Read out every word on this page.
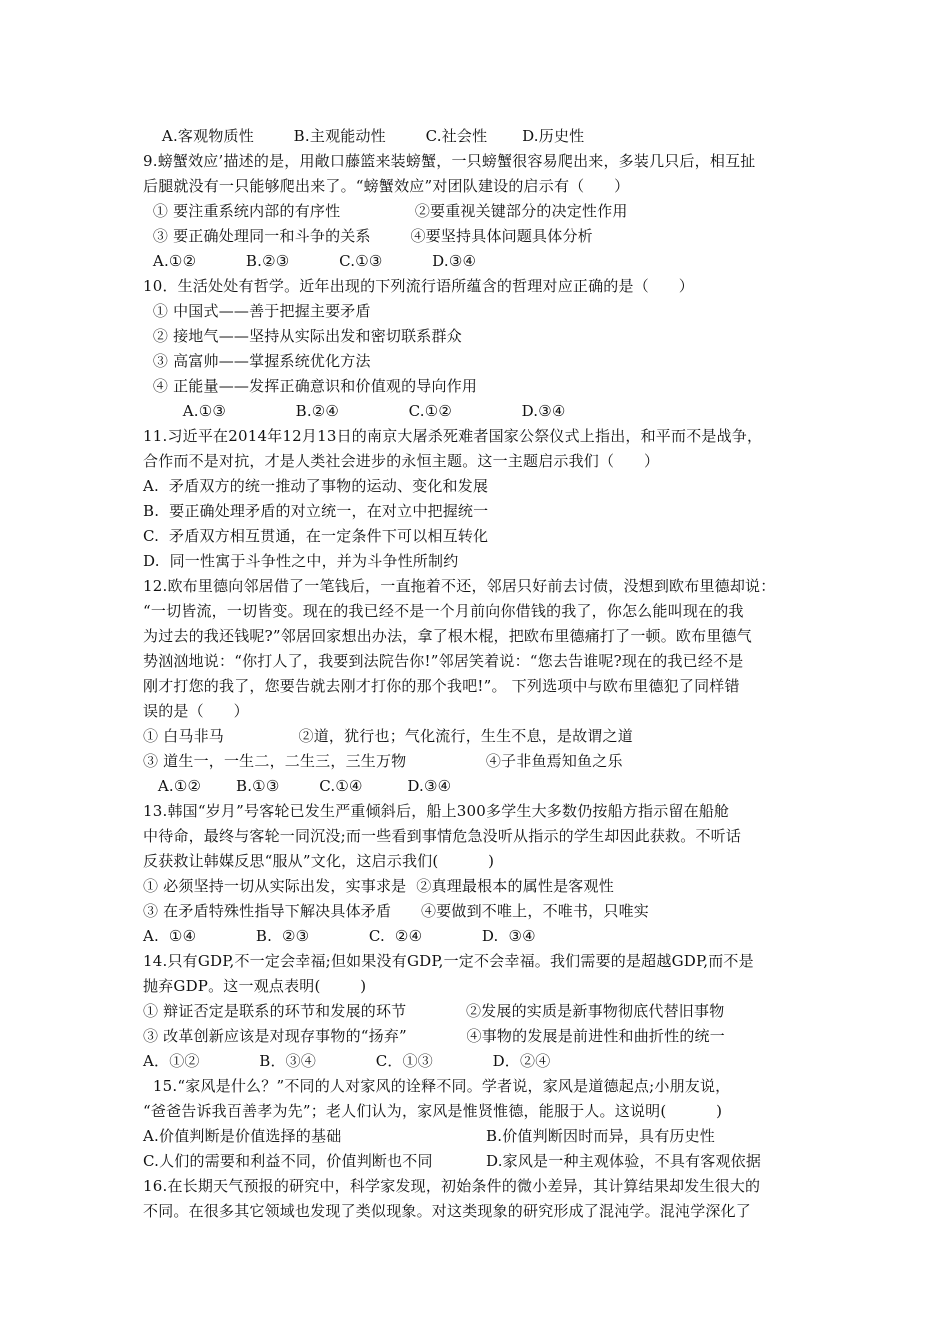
A.客观物质性        B.主观能动性        C.社会性       D.历史性
9.螃蟹效应’描述的是，用敞口藤篮来装螃蟹，一只螃蟹很容易爬出来，多装几只后，相互扯
后腿就没有一只能够爬出来了。“螃蟹效应”对团队建设的启示有（      ）
① 要注重系统内部的有序性               ②要重视关键部分的决定性作用
③ 要正确处理同一和斗争的关系        ④要坚持具体问题具体分析
A.①②          B.②③          C.①③          D.③④
10．生活处处有哲学。近年出现的下列流行语所蕴含的哲理对应正确的是（      ）
① 中国式——善于把握主要矛盾
② 接地气——坚持从实际出发和密切联系群众
③ 高富帅——掌握系统优化方法
④ 正能量——发挥正确意识和价值观的导向作用
A.①③              B.②④              C.①②              D.③④
11.习近平在2014年12月13日的南京大屠杀死难者国家公祭仪式上指出，和平而不是战争，
合作而不是对抗，才是人类社会进步的永恒主题。这一主题启示我们（      ）
A.  矛盾双方的统一推动了事物的运动、变化和发展
B.  要正确处理矛盾的对立统一，在对立中把握统一
C.  矛盾双方相互贯通，在一定条件下可以相互转化
D.  同一性寓于斗争性之中，并为斗争性所制约
12.欧布里德向邻居借了一笔钱后，一直拖着不还，邻居只好前去讨债，没想到欧布里德却说：
“一切皆流，一切皆变。现在的我已经不是一个月前向你借钱的我了，你怎么能叫现在的我
为过去的我还钱呢?”邻居回家想出办法，拿了根木棍，把欧布里德痛打了一顿。欧布里德气
势汹汹地说：“你打人了，我要到法院告你!”邻居笑着说：“您去告谁呢?现在的我已经不是
刚才打您的我了，您要告就去刚才打你的那个我吧!”。 下列选项中与欧布里德犯了同样错
误的是（      ）
① 白马非马               ②道，犹行也；气化流行，生生不息，是故谓之道
③ 道生一，一生二，二生三，三生万物                ④子非鱼焉知鱼之乐
A.①②       B.①③        C.①④         D.③④
13.韩国“岁月”号客轮已发生严重倾斜后，船上300多学生大多数仍按船方指示留在船舱
中待命，最终与客轮一同沉没;而一些看到事情危急没听从指示的学生却因此获救。不听话
反获救让韩媒反思“服从”文化，这启示我们(          )
① 必须坚持一切从实际出发，实事求是  ②真理最根本的属性是客观性
③ 在矛盾特殊性指导下解决具体矛盾      ④要做到不唯上，不唯书，只唯实
A.  ①④            B.  ②③            C.  ②④            D.  ③④
14.只有GDP,不一定会幸福;但如果没有GDP,一定不会幸福。我们需要的是超越GDP,而不是
抛弃GDP。这一观点表明(        )
① 辩证否定是联系的环节和发展的环节            ②发展的实质是新事物彻底代替旧事物
③ 改革创新应该是对现存事物的“扬弃”            ④事物的发展是前进性和曲折性的统一
A．①②            B．③④            C．①③            D．②④
15.“家风是什么？”不同的人对家风的诠释不同。学者说，家风是道德起点;小朋友说，
“爸爸告诉我百善孝为先”；老人们认为，家风是惟贤惟德，能服于人。这说明(          )
A.价值判断是价值选择的基础	B.价值判断因时而异，具有历史性
C.人们的需要和利益不同，价值判断也不同	D.家风是一种主观体验，不具有客观依据
16.在长期天气预报的研究中，科学家发现，初始条件的微小差异，其计算结果却发生很大的
不同。在很多其它领域也发现了类似现象。对这类现象的研究形成了混沌学。混沌学深化了
